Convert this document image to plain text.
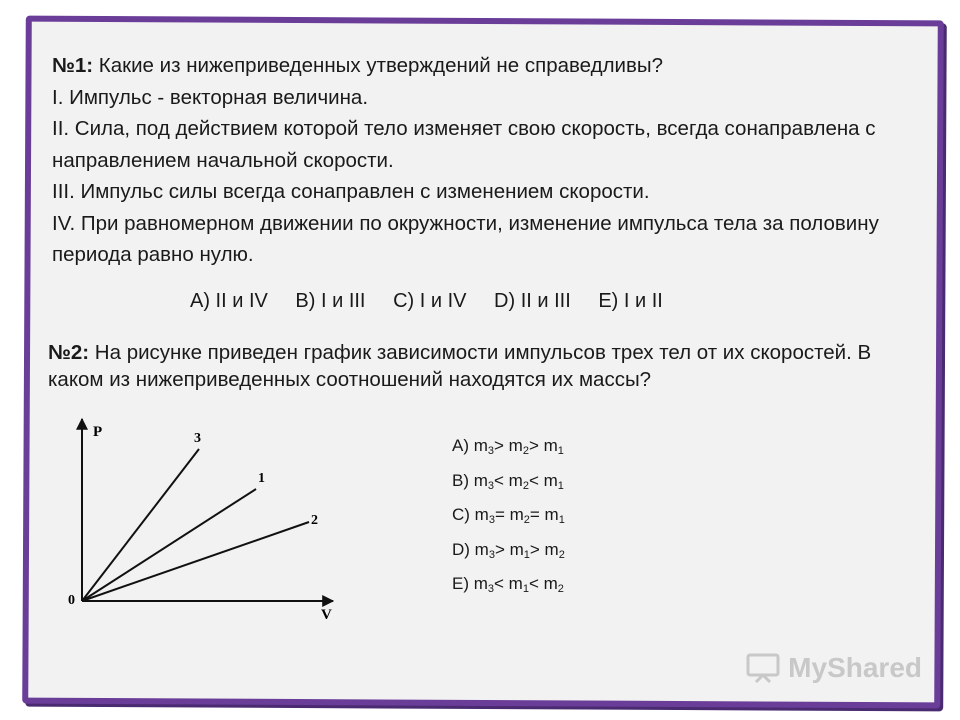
№1: Какие из нижеприведенных утверждений не справедливы?

I. Импульс - векторная величина.

II. Сила, под действием которой тело изменяет свою скорость, всегда сонаправлена с направлением начальной скорости.

III. Импульс силы всегда сонаправлен с изменением скорости.

IV. При равномерном движении по окружности, изменение импульса тела за половину периода равно нулю.

A) II и IV B) I и III C) I и IV D) II и III E) I и II

№2: На рисунке приведен график зависимости импульсов трех тел от их скоростей. В каком из нижеприведенных соотношений находятся их массы?

P
V
0
3
1
2
A) $m_3> m_2> m_1$
B) $m_3< m_2< m_1$
C) $m_3= m_2= m_1$
D) $m_3> m_1> m_2$
E) $m_3< m_1< m_2$
MyShared
